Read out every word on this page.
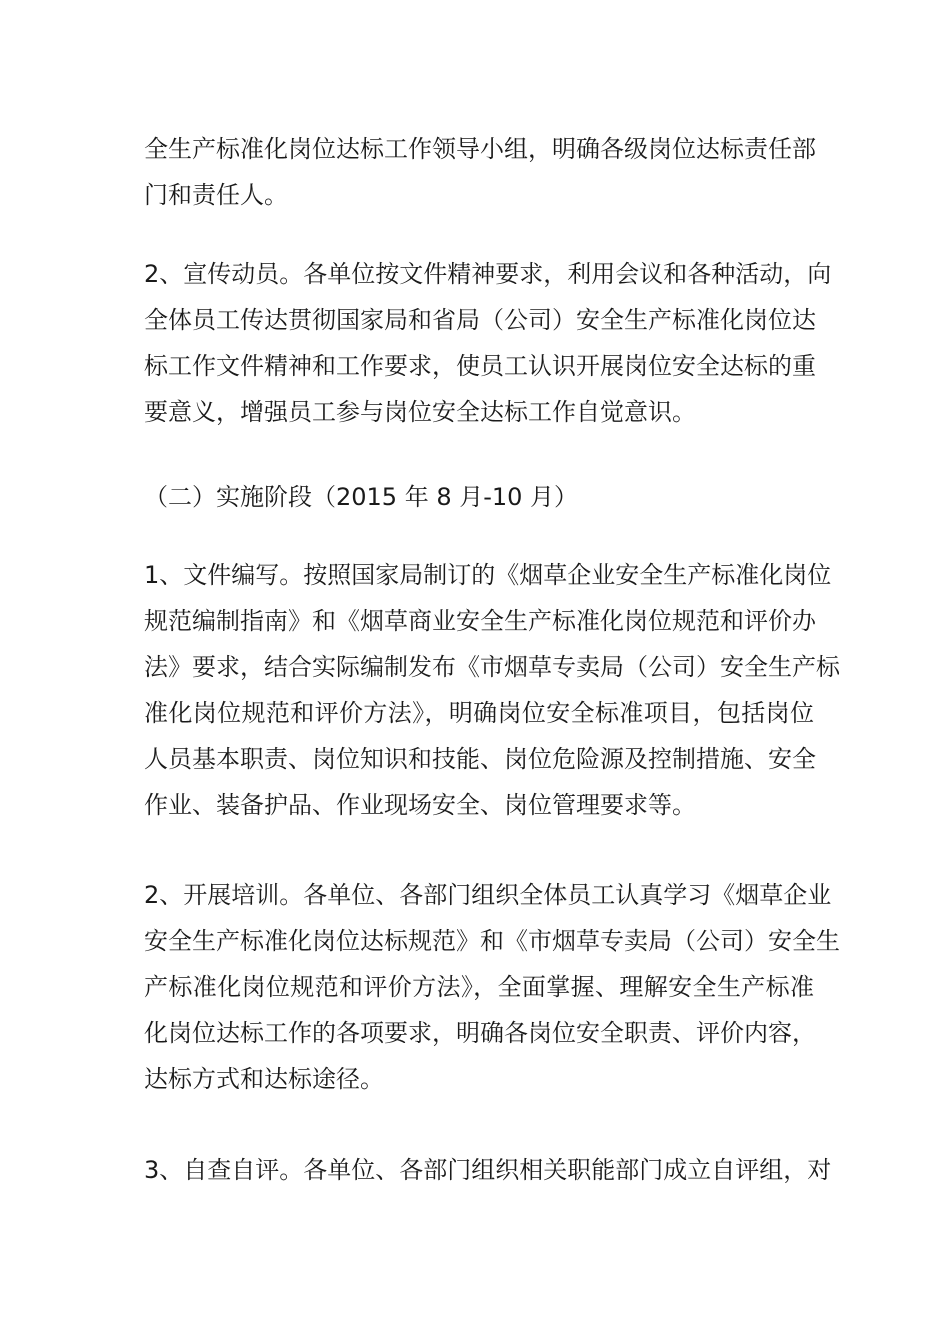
全生产标准化岗位达标工作领导小组，明确各级岗位达标责任部
门和责任人。
2、宣传动员。各单位按文件精神要求，利用会议和各种活动，向
全体员工传达贯彻国家局和省局（公司）安全生产标准化岗位达
标工作文件精神和工作要求，使员工认识开展岗位安全达标的重
要意义，增强员工参与岗位安全达标工作自觉意识。
（二）实施阶段（2015 年 8 月-10 月）
1、文件编写。按照国家局制订的《烟草企业安全生产标准化岗位
规范编制指南》和《烟草商业安全生产标准化岗位规范和评价办
法》要求，结合实际编制发布《市烟草专卖局（公司）安全生产标
准化岗位规范和评价方法》，明确岗位安全标准项目，包括岗位
人员基本职责、岗位知识和技能、岗位危险源及控制措施、安全
作业、装备护品、作业现场安全、岗位管理要求等。
2、开展培训。各单位、各部门组织全体员工认真学习《烟草企业
安全生产标准化岗位达标规范》和《市烟草专卖局（公司）安全生
产标准化岗位规范和评价方法》，全面掌握、理解安全生产标准
化岗位达标工作的各项要求，明确各岗位安全职责、评价内容，
达标方式和达标途径。
3、自查自评。各单位、各部门组织相关职能部门成立自评组，对
